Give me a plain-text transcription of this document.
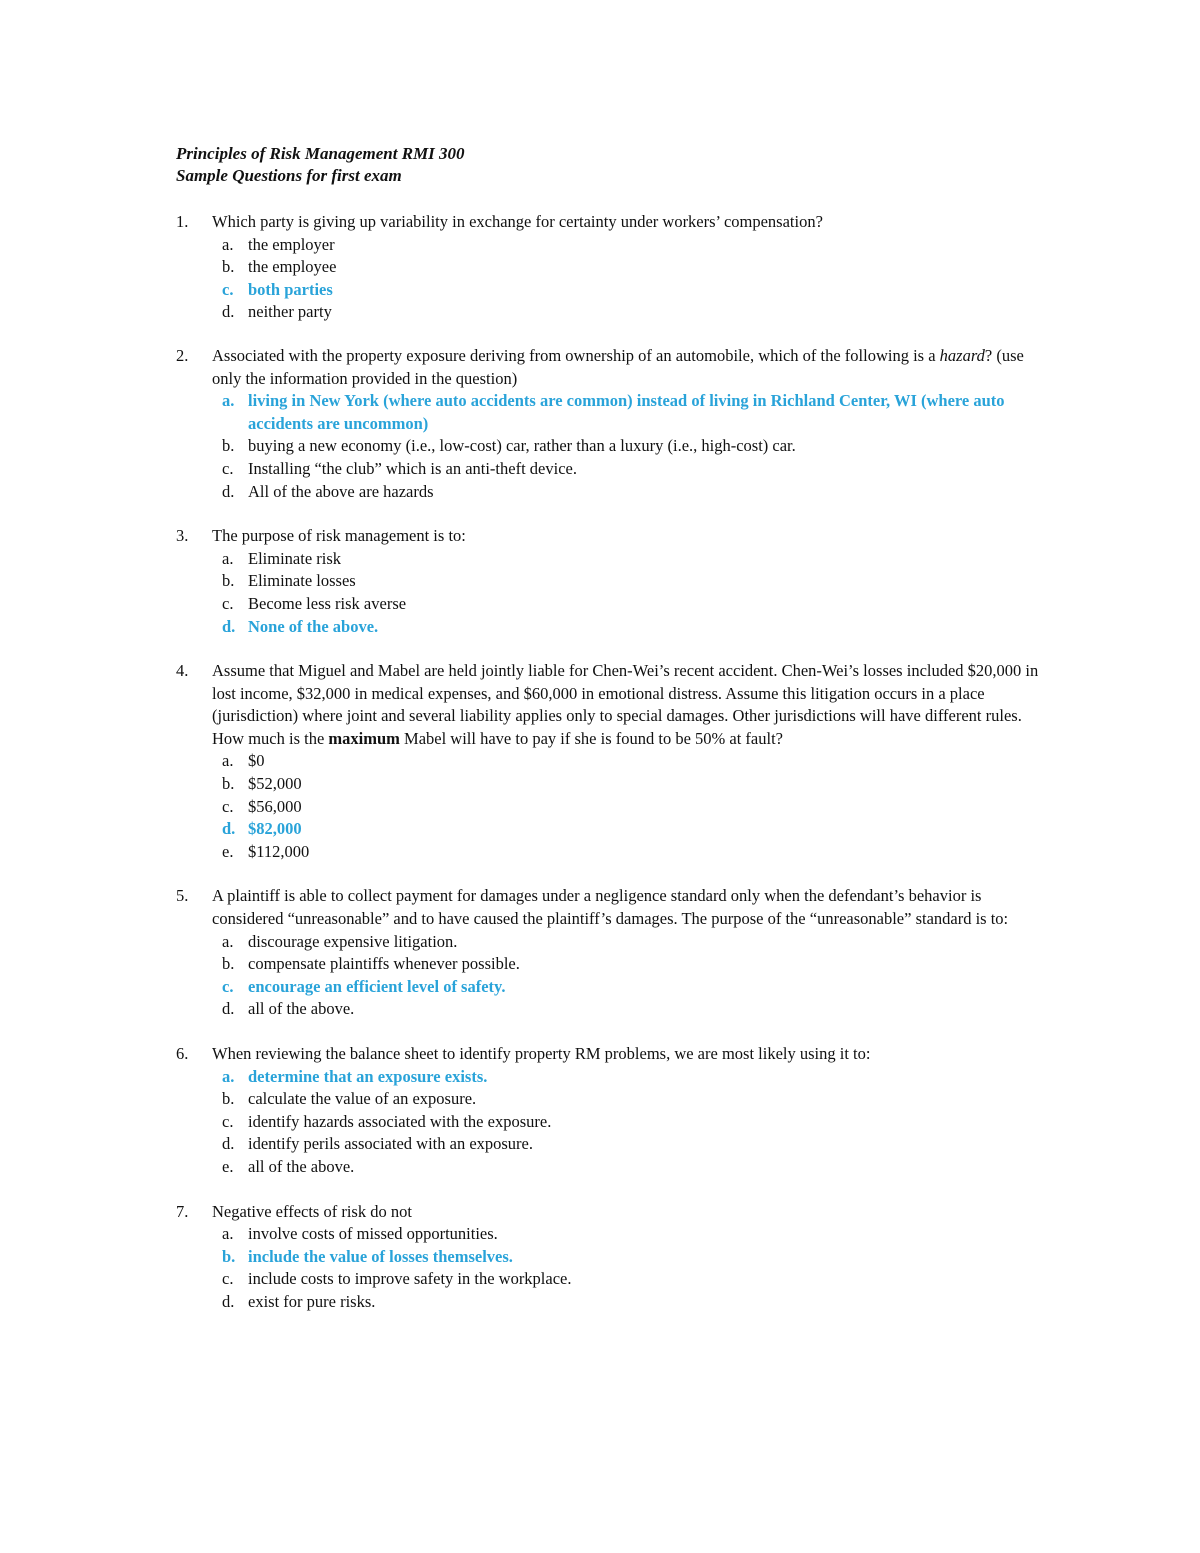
Principles of Risk Management RMI 300

Sample Questions for first exam

1. Which party is giving up variability in exchange for certainty under workers’ compensation?
a. the employer
b. the employee
c. both parties
d. neither party
2. Associated with the property exposure deriving from ownership of an automobile, which of the following is a hazard? (use only the information provided in the question)
a. living in New York (where auto accidents are common) instead of living in Richland Center, WI (where auto accidents are uncommon)
b. buying a new economy (i.e., low-cost) car, rather than a luxury (i.e., high-cost) car.
c. Installing “the club” which is an anti-theft device.
d. All of the above are hazards
3. The purpose of risk management is to:
a. Eliminate risk
b. Eliminate losses
c. Become less risk averse
d. None of the above.
4. Assume that Miguel and Mabel are held jointly liable for Chen-Wei’s recent accident. Chen-Wei’s losses included $20,000 in lost income, $32,000 in medical expenses, and $60,000 in emotional distress. Assume this litigation occurs in a place (jurisdiction) where joint and several liability applies only to special damages. Other jurisdictions will have different rules. How much is the maximum Mabel will have to pay if she is found to be 50% at fault?
a. $0
b. $52,000
c. $56,000
d. $82,000
e. $112,000
5. A plaintiff is able to collect payment for damages under a negligence standard only when the defendant’s behavior is considered “unreasonable” and to have caused the plaintiff’s damages. The purpose of the “unreasonable” standard is to:
a. discourage expensive litigation.
b. compensate plaintiffs whenever possible.
c. encourage an efficient level of safety.
d. all of the above.
6. When reviewing the balance sheet to identify property RM problems, we are most likely using it to:
a. determine that an exposure exists.
b. calculate the value of an exposure.
c. identify hazards associated with the exposure.
d. identify perils associated with an exposure.
e. all of the above.
7. Negative effects of risk do not
a. involve costs of missed opportunities.
b. include the value of losses themselves.
c. include costs to improve safety in the workplace.
d. exist for pure risks.
